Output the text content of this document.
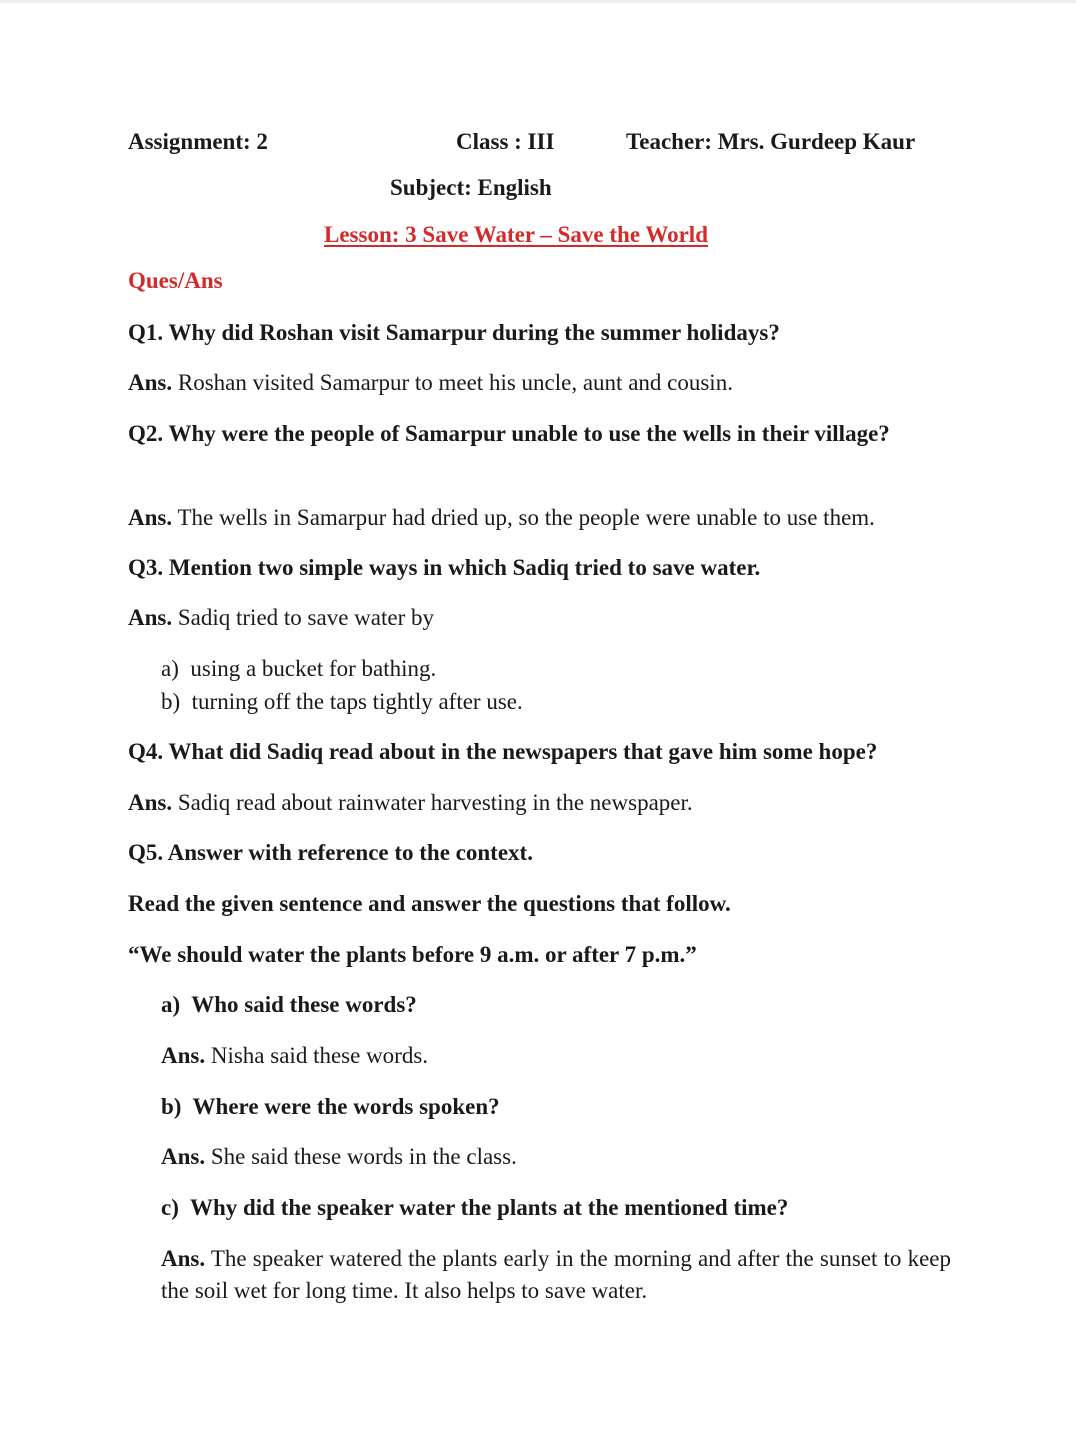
Assignment: 2	Class : III	Teacher: Mrs. Gurdeep Kaur
Subject: English
Lesson: 3 Save Water – Save the World
Ques/Ans
Q1. Why did Roshan visit Samarpur during the summer holidays?
Ans. Roshan visited Samarpur to meet his uncle, aunt and cousin.
Q2. Why were the people of Samarpur unable to use the wells in their village?
Ans. The wells in Samarpur had dried up, so the people were unable to use them.
Q3. Mention two simple ways in which Sadiq tried to save water.
Ans. Sadiq tried to save water by
a)  using a bucket for bathing.
b)  turning off the taps tightly after use.
Q4. What did Sadiq read about in the newspapers that gave him some hope?
Ans. Sadiq read about rainwater harvesting in the newspaper.
Q5. Answer with reference to the context.
Read the given sentence and answer the questions that follow.
“We should water the plants before 9 a.m. or after 7 p.m.”
a)  Who said these words?
Ans. Nisha said these words.
b)  Where were the words spoken?
Ans. She said these words in the class.
c)  Why did the speaker water the plants at the mentioned time?
Ans. The speaker watered the plants early in the morning and after the sunset to keep the soil wet for long time. It also helps to save water.
